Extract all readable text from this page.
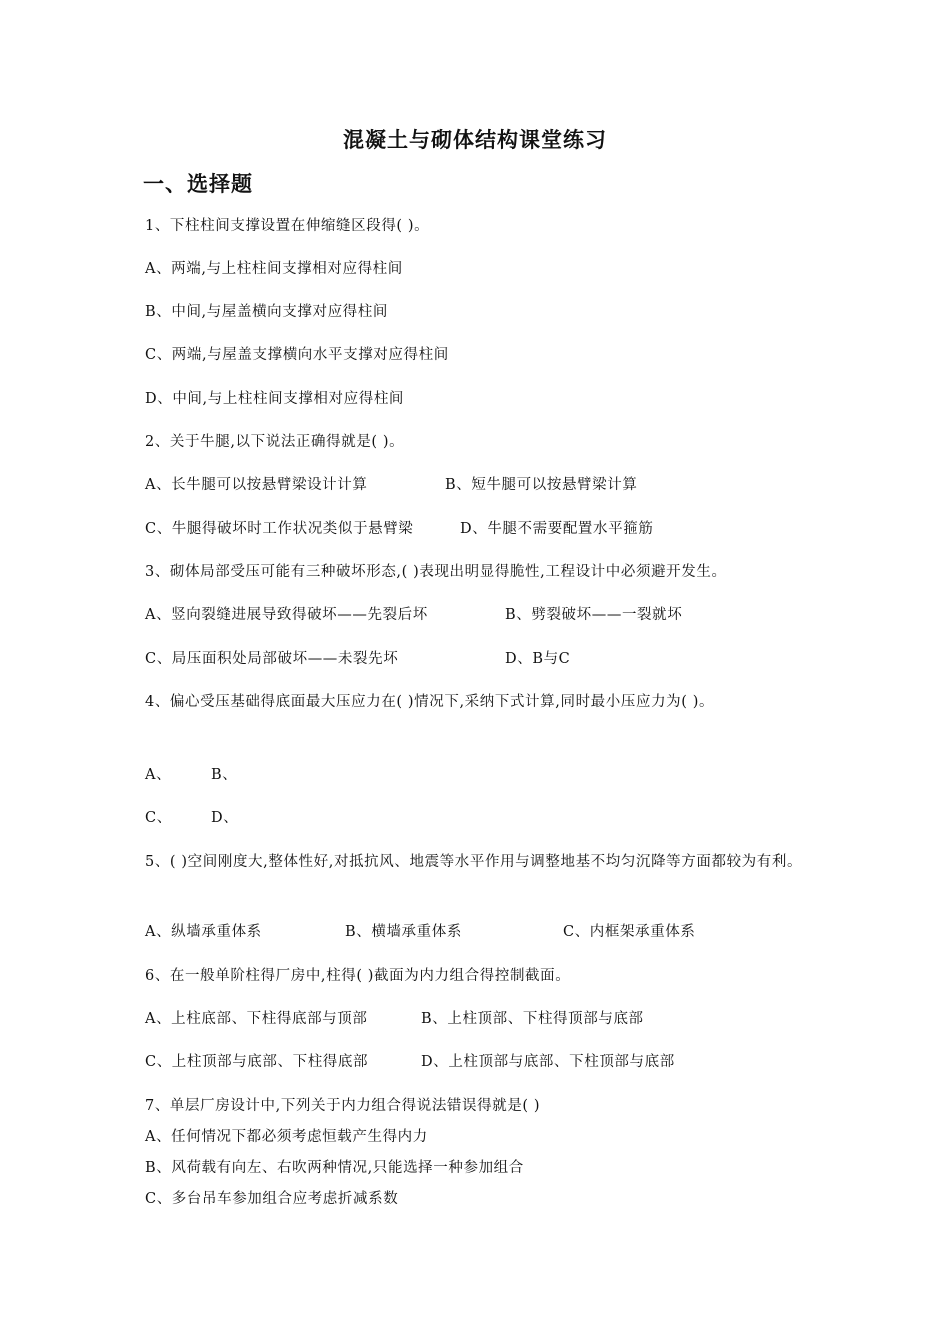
混凝土与砌体结构课堂练习
一、选择题
1、下柱柱间支撑设置在伸缩缝区段得( )。
A、两端,与上柱柱间支撑相对应得柱间
B、中间,与屋盖横向支撑对应得柱间
C、两端,与屋盖支撑横向水平支撑对应得柱间
D、中间,与上柱柱间支撑相对应得柱间
2、关于牛腿,以下说法正确得就是( )。
A、长牛腿可以按悬臂梁设计计算	B、短牛腿可以按悬臂梁计算
C、牛腿得破坏时工作状况类似于悬臂梁	D、牛腿不需要配置水平箍筋
3、砌体局部受压可能有三种破坏形态,( )表现出明显得脆性,工程设计中必须避开发生。
A、竖向裂缝进展导致得破坏——先裂后坏	B、劈裂破坏——一裂就坏
C、局压面积处局部破坏——未裂先坏	D、B与C
4、偏心受压基础得底面最大压应力在( )情况下,采纳下式计算,同时最小压应力为( )。
A、	B、
C、	D、
5、( )空间刚度大,整体性好,对抵抗风、地震等水平作用与调整地基不均匀沉降等方面都较为有利。
A、纵墙承重体系	B、横墙承重体系	C、内框架承重体系
6、在一般单阶柱得厂房中,柱得( )截面为内力组合得控制截面。
A、上柱底部、下柱得底部与顶部	B、上柱顶部、下柱得顶部与底部
C、上柱顶部与底部、下柱得底部	D、上柱顶部与底部、下柱顶部与底部
7、单层厂房设计中,下列关于内力组合得说法错误得就是( )
A、任何情况下都必须考虑恒载产生得内力
B、风荷载有向左、右吹两种情况,只能选择一种参加组合
C、多台吊车参加组合应考虑折减系数
